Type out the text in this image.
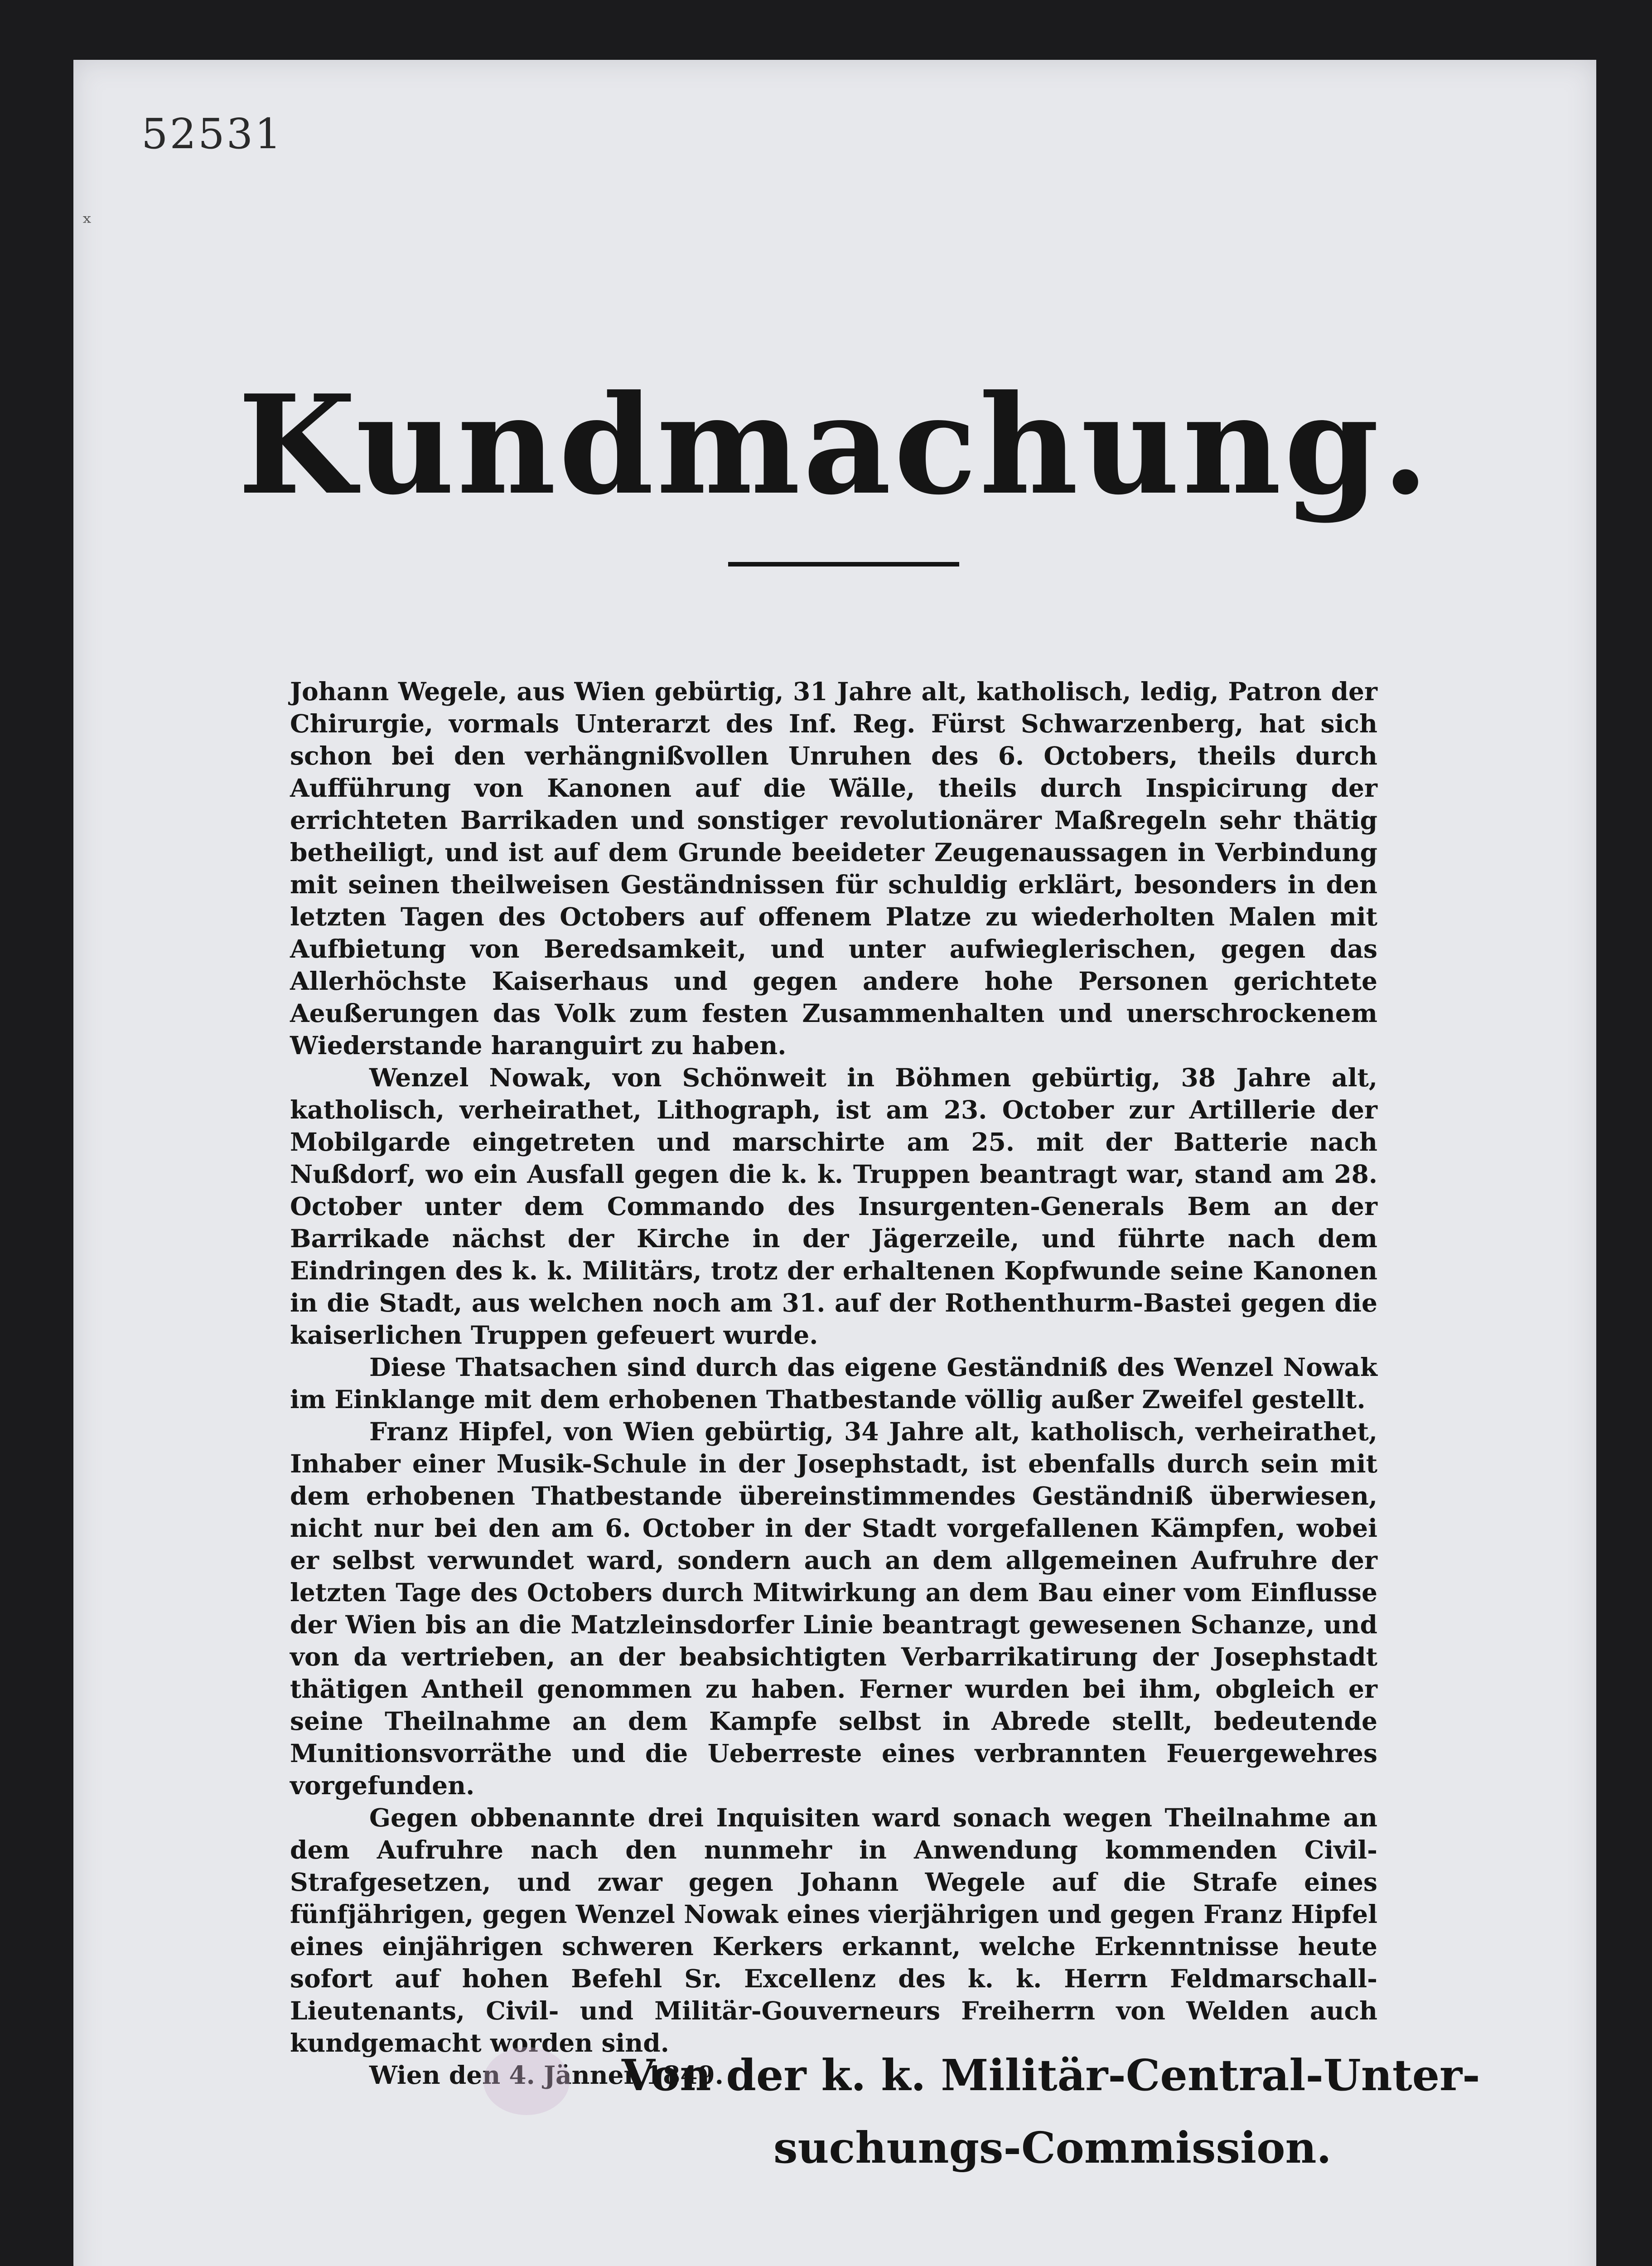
52531
ˣ
Kundmachung.

Johann Wegele, aus Wien gebürtig, 31 Jahre alt, katholisch, ledig, Patron der Chirurgie, vormals Unterarzt des Inf. Reg. Fürst Schwarzenberg, hat sich schon bei den verhängnißvollen Unruhen des 6. Octobers, theils durch Aufführung von Kanonen auf die Wälle, theils durch Inspicirung der errichteten Barrikaden und sonstiger revolutionärer Maßregeln sehr thätig betheiligt, und ist auf dem Grunde beeideter Zeugenaussagen in Verbindung mit seinen theilweisen Geständnissen für schuldig erklärt, besonders in den letzten Tagen des Octobers auf offenem Platze zu wiederholten Malen mit Aufbietung von Beredsamkeit, und unter aufwieglerischen, gegen das Allerhöchste Kaiserhaus und gegen andere hohe Personen gerichtete Aeußerungen das Volk zum festen Zusammenhalten und unerschrockenem Wiederstande haranguirt zu haben.

Wenzel Nowak, von Schönweit in Böhmen gebürtig, 38 Jahre alt, katholisch, verheirathet, Lithograph, ist am 23. October zur Artillerie der Mobilgarde eingetreten und marschirte am 25. mit der Batterie nach Nußdorf, wo ein Ausfall gegen die k. k. Truppen beantragt war, stand am 28. October unter dem Commando des Insurgenten-Generals Bem an der Barrikade nächst der Kirche in der Jägerzeile, und führte nach dem Eindringen des k. k. Militärs, trotz der erhaltenen Kopfwunde seine Kanonen in die Stadt, aus welchen noch am 31. auf der Rothenthurm-Bastei gegen die kaiserlichen Truppen gefeuert wurde.

Diese Thatsachen sind durch das eigene Geständniß des Wenzel Nowak im Einklange mit dem erhobenen Thatbestande völlig außer Zweifel gestellt.

Franz Hipfel, von Wien gebürtig, 34 Jahre alt, katholisch, verheirathet, Inhaber einer Musik-Schule in der Josephstadt, ist ebenfalls durch sein mit dem erhobenen Thatbestande übereinstimmendes Geständniß überwiesen, nicht nur bei den am 6. October in der Stadt vorgefallenen Kämpfen, wobei er selbst verwundet ward, sondern auch an dem allgemeinen Aufruhre der letzten Tage des Octobers durch Mitwirkung an dem Bau einer vom Einflusse der Wien bis an die Matzleinsdorfer Linie beantragt gewesenen Schanze, und von da vertrieben, an der beabsichtigten Verbarrikatirung der Josephstadt thätigen Antheil genommen zu haben. Ferner wurden bei ihm, obgleich er seine Theilnahme an dem Kampfe selbst in Abrede stellt, bedeutende Munitionsvorräthe und die Ueberreste eines verbrannten Feuergewehres vorgefunden.

Gegen obbenannte drei Inquisiten ward sonach wegen Theilnahme an dem Aufruhre nach den nunmehr in Anwendung kommenden Civil-Strafgesetzen, und zwar gegen Johann Wegele auf die Strafe eines fünfjährigen, gegen Wenzel Nowak eines vierjährigen und gegen Franz Hipfel eines einjährigen schweren Kerkers erkannt, welche Erkenntnisse heute sofort auf hohen Befehl Sr. Excellenz des k. k. Herrn Feldmarschall-Lieutenants, Civil- und Militär-Gouverneurs Freiherrn von Welden auch kundgemacht worden sind.

Wien den 4. Jänner 1849.

Von der k. k. Militär-Central-Unter-
suchungs-Commission.
